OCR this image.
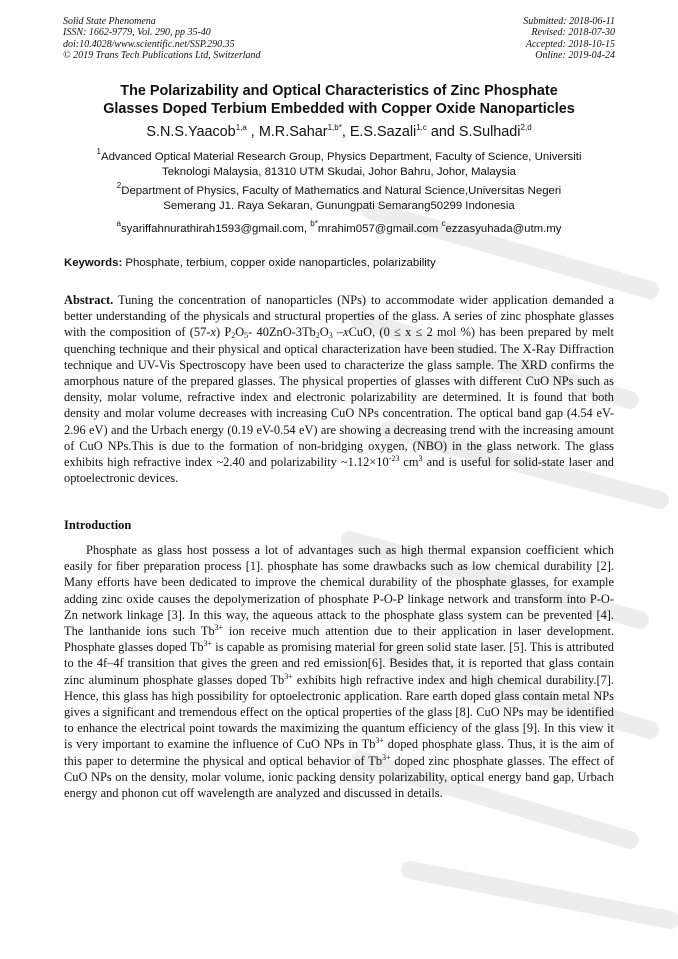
Solid State Phenomena
ISSN: 1662-9779, Vol. 290, pp 35-40
doi:10.4028/www.scientific.net/SSP.290.35
© 2019 Trans Tech Publications Ltd, Switzerland
Submitted: 2018-06-11
Revised: 2018-07-30
Accepted: 2018-10-15
Online: 2019-04-24
The Polarizability and Optical Characteristics of Zinc Phosphate
Glasses Doped Terbium Embedded with Copper Oxide Nanoparticles
S.N.S.Yaacob$^{1,a}$ , M.R.Sahar$^{1,b*}$, E.S.Sazali$^{1,c}$ and S.Sulhadi$^{2,d}$
$^1$Advanced Optical Material Research Group, Physics Department, Faculty of Science, Universiti
Teknologi Malaysia, 81310 UTM Skudai, Johor Bahru, Johor, Malaysia
$^2$Department of Physics, Faculty of Mathematics and Natural Science,Universitas Negeri
Semerang J1. Raya Sekaran, Gunungpati Semarang50299 Indonesia
$^a$syariffahnurathirah1593@gmail.com, $^{b*}$mrahim057@gmail.com $^c$ezzasyuhada@utm.my
Keywords: Phosphate, terbium, copper oxide nanoparticles, polarizability
Abstract. Tuning the concentration of nanoparticles (NPs) to accommodate wider application demanded a better understanding of the physicals and structural properties of the glass. A series of zinc phosphate glasses with the composition of (57-x) $P_2O_5-$ $40ZnO-3Tb_2O_3$ –xCuO, (0 ≤ x ≤ 2 mol %) has been prepared by melt quenching technique and their physical and optical characterization have been studied. The X-Ray Diffraction technique and UV-Vis Spectroscopy have been used to characterize the glass sample. The XRD confirms the amorphous nature of the prepared glasses. The physical properties of glasses with different CuO NPs such as density, molar volume, refractive index and electronic polarizability are determined. It is found that both density and molar volume decreases with increasing CuO NPs concentration. The optical band gap (4.54 eV-2.96 eV) and the Urbach energy (0.19 eV-0.54 eV) are showing a decreasing trend with the increasing amount of CuO NPs.This is due to the formation of non-bridging oxygen, (NBO) in the glass network. The glass exhibits high refractive index ~2.40 and polarizability $\sim 1.12\times 10^{-23}$ $cm^3$ and is useful for solid-state laser and optoelectronic devices.
Introduction
Phosphate as glass host possess a lot of advantages such as high thermal expansion coefficient which easily for fiber preparation process [1]. phosphate has some drawbacks such as low chemical durability [2]. Many efforts have been dedicated to improve the chemical durability of the phosphate glasses, for example adding zinc oxide causes the depolymerization of phosphate P-O-P linkage network and transform into P-O-Zn network linkage [3]. In this way, the aqueous attack to the phosphate glass system can be prevented [4]. The lanthanide ions such $Tb^{3+}$ ion receive much attention due to their application in laser development. Phosphate glasses doped $Tb^{3+}$ is capable as promising material for green solid state laser. [5]. This is attributed to the 4f–4f transition that gives the green and red emission[6]. Besides that, it is reported that glass contain zinc aluminum phosphate glasses doped $Tb^{3+}$ exhibits high refractive index and high chemical durability.[7]. Hence, this glass has high possibility for optoelectronic application. Rare earth doped glass contain metal NPs gives a significant and tremendous effect on the optical properties of the glass [8]. CuO NPs may be identified to enhance the electrical point towards the maximizing the quantum efficiency of the glass [9]. In this view it is very important to examine the influence of CuO NPs in $Tb^{3+}$ doped phosphate glass. Thus, it is the aim of this paper to determine the physical and optical behavior of $Tb^{3+}$ doped zinc phosphate glasses. The effect of CuO NPs on the density, molar volume, ionic packing density polarizability, optical energy band gap, Urbach energy and phonon cut off wavelength are analyzed and discussed in details.
